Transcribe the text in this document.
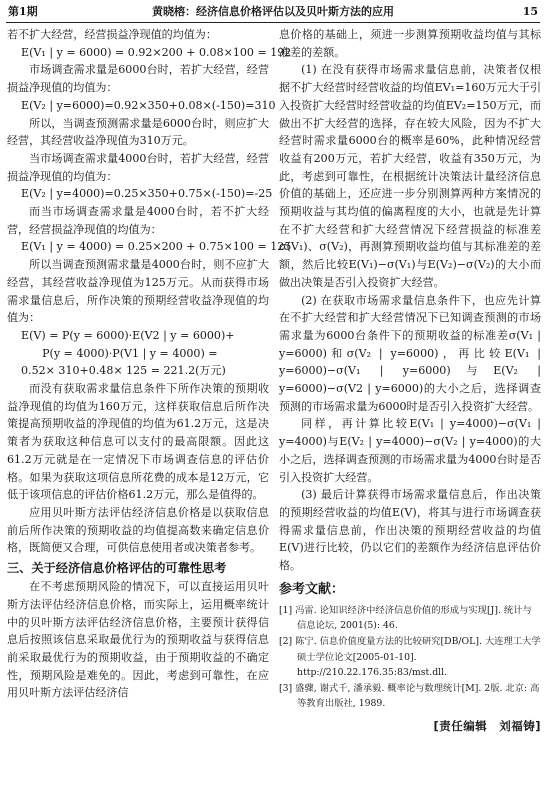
第1期	黄晓榕：经济信息价格评估以及贝叶斯方法的应用	15
若不扩大经营，经营损益净现值的均值为：
E(V₁ | y = 6000) = 0.92×200 + 0.08×100 = 192
市场调查需求量是6000台时，若扩大经营，经营损益净现值的均值为：
E(V₂ | y=6000)=0.92×350+0.08×(-150)=310
所以，当调查预测需求量是6000台时，则应扩大经营，其经营收益净现值为310万元。
当市场调查需求量4000台时，若扩大经营，经营损益净现值的均值为：
E(V₂ | y=4000)=0.25×350+0.75×(-150)=-25
而当市场调查需求量是4000台时，若不扩大经营，经营损益净现值的均值为：
E(V₁ | y = 4000) = 0.25×200 + 0.75×100 = 125
所以当调查预测需求量是4000台时，则不应扩大经营，其经营收益净现值为125万元。从而获得市场需求量信息后，所作决策的预期经营收益净现值的均值为：
E(V) = P(y = 6000)·E(V2 | y = 6000)+
P(y = 4000)·P(V1 | y = 4000) =
0.52× 310+0.48× 125 = 221.2(万元)
而没有获取需求量信息条件下所作决策的预期收益净现值的均值为160万元，这样获取信息后所作决策提高预期收益的净现值的均值为61.2万元，这是决策者为获取这种信息可以支付的最高限额。因此这61.2万元就是在一定情况下市场调查信息的评估价格。如果为获取这项信息所花费的成本是12万元，它低于该项信息的评估价格61.2万元，那么是值得的。
应用贝叶斯方法评估经济信息价格是以获取信息前后所作决策的预期收益的均值提高数来确定信息价格，既简便又合理，可供信息使用者或决策者参考。
三、关于经济信息价格评估的可靠性思考
在不考虑预期风险的情况下，可以直接运用贝叶斯方法评估经济信息价格，而实际上，运用概率统计中的贝叶斯方法评估经济信息价格，主要预计获得信息后按照该信息采取最优行为的预期收益与获得信息前采取最优行为的预期收益，由于预期收益的不确定性，预期风险是难免的。因此，考虑到可靠性，在应用贝叶斯方法评估经济信
息价格的基础上，须进一步测算预期收益均值与其标准差的差额。
(1) 在没有获得市场需求量信息前，决策者仅根据不扩大经营时经营收益的均值EV₁=160万元大于引入投资扩大经营时经营收益的均值EV₂=150万元，而做出不扩大经营的选择，存在较大风险，因为不扩大经营时需求量6000台的概率是60%，此种情况经营收益有200万元，若扩大经营，收益有350万元，为此，考虑到可靠性，在根据统计决策法计量经济信息价值的基础上，还应进一步分别测算两种方案情况的预期收益与其均值的偏离程度的大小，也就是先计算在不扩大经营和扩大经营情况下经营损益的标准差σ(V₁)、σ(V₂)，再测算预期收益均值与其标准差的差额，然后比较E(V₁)−σ(V₁)与E(V₂)−σ(V₂)的大小而做出决策是否引入投资扩大经营。
(2) 在获取市场需求量信息条件下，也应先计算在不扩大经营和扩大经营情况下已知调查预测的市场需求量为6000台条件下的预期收益的标准差σ(V₁ | y=6000)和σ(V₂ | y=6000)，再比较E(V₁ | y=6000)−σ(V₁ | y=6000)与E(V₂ | y=6000)−σ(V2 | y=6000)的大小之后，选择调查预测的市场需求量为6000时是否引入投资扩大经营。
同样，再计算比较E(V₁ | y=4000)−σ(V₁ | y=4000)与E(V₂ | y=4000)−σ(V₂ | y=4000)的大小之后，选择调查预测的市场需求量为4000台时是否引入投资扩大经营。
(3) 最后计算获得市场需求量信息后，作出决策的预期经营收益的均值E(V)，将其与进行市场调查获得需求量信息前，作出决策的预期经营收益的均值E(V)进行比较，仍以它们的差额作为经济信息评估价格。
参考文献：
[1] 冯雷. 论知识经济中经济信息价值的形成与实现[J]. 统计与信息论坛, 2001(5): 46.
[2] 陈宁. 信息价值度量方法的比较研究[DB/OL]. 大连理工大学硕士学位论文[2005-01-10]. http://210.22.176.35:83/mst.dll.
[3] 盛骤, 谢式千, 潘承毅. 概率论与数理统计[M]. 2版. 北京: 高等教育出版社, 1989.
[责任编辑　刘福铸]
